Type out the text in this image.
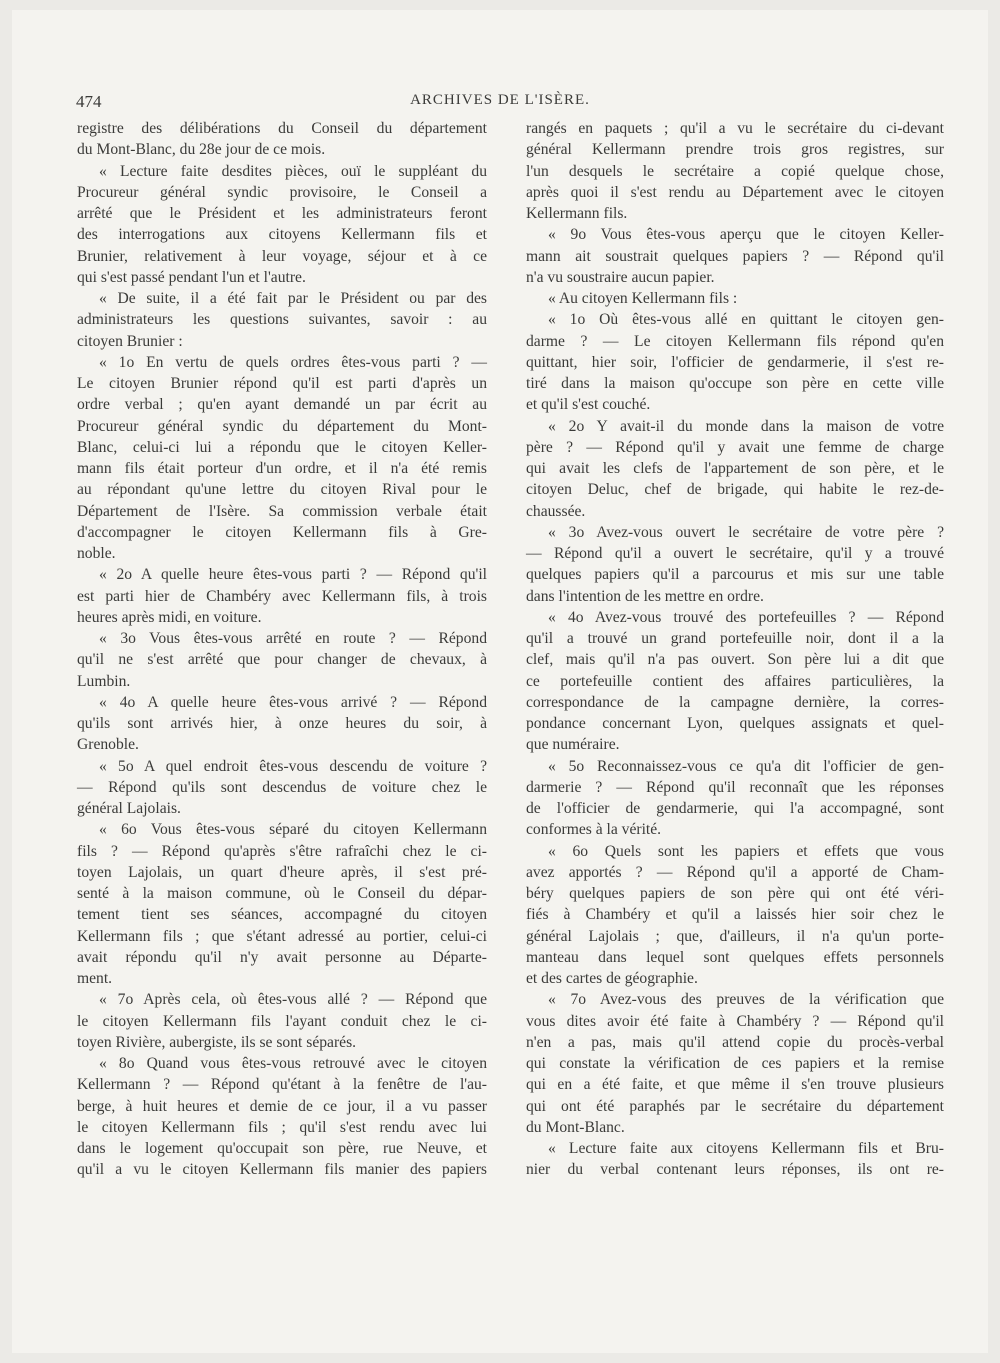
474	ARCHIVES DE L'ISÈRE.
registre des délibérations du Conseil du département
du Mont-Blanc, du 28e jour de ce mois.
« Lecture faite desdites pièces, ouï le suppléant du
Procureur général syndic provisoire, le Conseil a
arrêté que le Président et les administrateurs feront
des interrogations aux citoyens Kellermann fils et
Brunier, relativement à leur voyage, séjour et à ce
qui s'est passé pendant l'un et l'autre.
« De suite, il a été fait par le Président ou par des
administrateurs les questions suivantes, savoir : au
citoyen Brunier :
« 1o En vertu de quels ordres êtes-vous parti ? —
Le citoyen Brunier répond qu'il est parti d'après un
ordre verbal ; qu'en ayant demandé un par écrit au
Procureur général syndic du département du Mont-
Blanc, celui-ci lui a répondu que le citoyen Keller-
mann fils était porteur d'un ordre, et il n'a été remis
au répondant qu'une lettre du citoyen Rival pour le
Département de l'Isère. Sa commission verbale était
d'accompagner le citoyen Kellermann fils à Gre-
noble.
« 2o A quelle heure êtes-vous parti ? — Répond qu'il
est parti hier de Chambéry avec Kellermann fils, à trois
heures après midi, en voiture.
« 3o Vous êtes-vous arrêté en route ? — Répond
qu'il ne s'est arrêté que pour changer de chevaux, à
Lumbin.
« 4o A quelle heure êtes-vous arrivé ? — Répond
qu'ils sont arrivés hier, à onze heures du soir, à
Grenoble.
« 5o A quel endroit êtes-vous descendu de voiture ?
— Répond qu'ils sont descendus de voiture chez le
général Lajolais.
« 6o Vous êtes-vous séparé du citoyen Kellermann
fils ? — Répond qu'après s'être rafraîchi chez le ci-
toyen Lajolais, un quart d'heure après, il s'est pré-
senté à la maison commune, où le Conseil du dépar-
tement tient ses séances, accompagné du citoyen
Kellermann fils ; que s'étant adressé au portier, celui-ci
avait répondu qu'il n'y avait personne au Départe-
ment.
« 7o Après cela, où êtes-vous allé ? — Répond que
le citoyen Kellermann fils l'ayant conduit chez le ci-
toyen Rivière, aubergiste, ils se sont séparés.
« 8o Quand vous êtes-vous retrouvé avec le citoyen
Kellermann ? — Répond qu'étant à la fenêtre de l'au-
berge, à huit heures et demie de ce jour, il a vu passer
le citoyen Kellermann fils ; qu'il s'est rendu avec lui
dans le logement qu'occupait son père, rue Neuve, et
qu'il a vu le citoyen Kellermann fils manier des papiers
rangés en paquets ; qu'il a vu le secrétaire du ci-devant
général Kellermann prendre trois gros registres, sur
l'un desquels le secrétaire a copié quelque chose,
après quoi il s'est rendu au Département avec le citoyen
Kellermann fils.
« 9o Vous êtes-vous aperçu que le citoyen Keller-
mann ait soustrait quelques papiers ? — Répond qu'il
n'a vu soustraire aucun papier.
« Au citoyen Kellermann fils :
« 1o Où êtes-vous allé en quittant le citoyen gen-
darme ? — Le citoyen Kellermann fils répond qu'en
quittant, hier soir, l'officier de gendarmerie, il s'est re-
tiré dans la maison qu'occupe son père en cette ville
et qu'il s'est couché.
« 2o Y avait-il du monde dans la maison de votre
père ? — Répond qu'il y avait une femme de charge
qui avait les clefs de l'appartement de son père, et le
citoyen Deluc, chef de brigade, qui habite le rez-de-
chaussée.
« 3o Avez-vous ouvert le secrétaire de votre père ?
— Répond qu'il a ouvert le secrétaire, qu'il y a trouvé
quelques papiers qu'il a parcourus et mis sur une table
dans l'intention de les mettre en ordre.
« 4o Avez-vous trouvé des portefeuilles ? — Répond
qu'il a trouvé un grand portefeuille noir, dont il a la
clef, mais qu'il n'a pas ouvert. Son père lui a dit que
ce portefeuille contient des affaires particulières, la
correspondance de la campagne dernière, la corres-
pondance concernant Lyon, quelques assignats et quel-
que numéraire.
« 5o Reconnaissez-vous ce qu'a dit l'officier de gen-
darmerie ? — Répond qu'il reconnaît que les réponses
de l'officier de gendarmerie, qui l'a accompagné, sont
conformes à la vérité.
« 6o Quels sont les papiers et effets que vous
avez apportés ? — Répond qu'il a apporté de Cham-
béry quelques papiers de son père qui ont été véri-
fiés à Chambéry et qu'il a laissés hier soir chez le
général Lajolais ; que, d'ailleurs, il n'a qu'un porte-
manteau dans lequel sont quelques effets personnels
et des cartes de géographie.
« 7o Avez-vous des preuves de la vérification que
vous dites avoir été faite à Chambéry ? — Répond qu'il
n'en a pas, mais qu'il attend copie du procès-verbal
qui constate la vérification de ces papiers et la remise
qui en a été faite, et que même il s'en trouve plusieurs
qui ont été paraphés par le secrétaire du département
du Mont-Blanc.
« Lecture faite aux citoyens Kellermann fils et Bru-
nier du verbal contenant leurs réponses, ils ont re-
